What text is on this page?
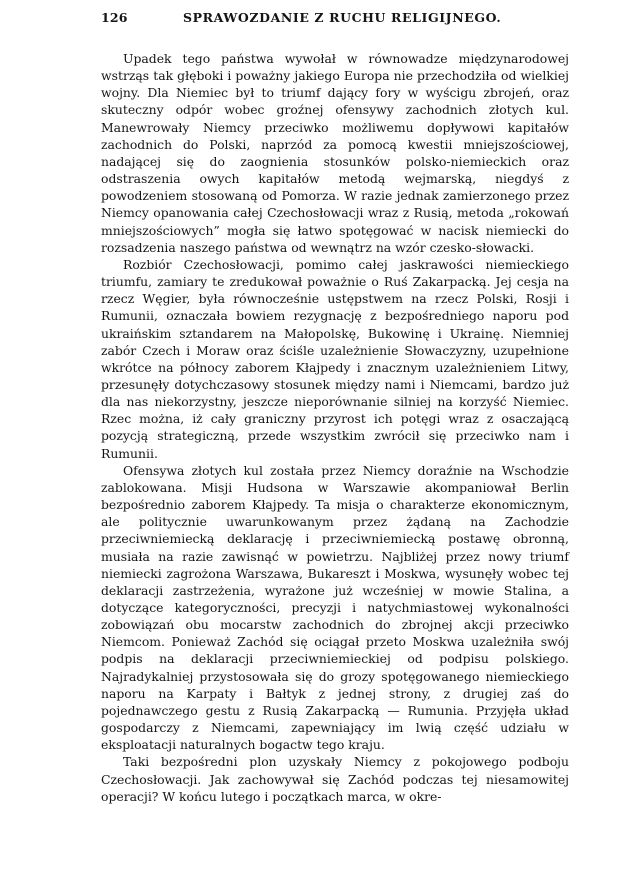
126	SPRAWOZDANIE Z RUCHU RELIGIJNEGO.

Upadek tego państwa wywołał w równowadze międzynarodowej wstrząs tak głęboki i poważny jakiego Europa nie przechodziła od wielkiej wojny. Dla Niemiec był to triumf dający fory w wyścigu zbrojeń, oraz skuteczny odpór wobec groźnej ofensywy zachodnich złotych kul. Manewrowały Niemcy przeciwko możliwemu dopływowi kapitałów zachodnich do Polski, naprzód za pomocą kwestii mniejszościowej, nadającej się do zaognienia stosunków polsko-niemieckich oraz odstraszenia owych kapitałów metodą wejmarską, niegdyś z powodzeniem stosowaną od Pomorza. W razie jednak zamierzonego przez Niemcy opanowania całej Czechosłowacji wraz z Rusią, metoda „rokowań mniejszościowych” mogła się łatwo spotęgować w nacisk niemiecki do rozsadzenia naszego państwa od wewnątrz na wzór czesko-słowacki.

Rozbiór Czechosłowacji, pomimo całej jaskrawości niemieckiego triumfu, zamiary te zredukował poważnie o Ruś Zakarpacką. Jej cesja na rzecz Węgier, była równocześnie ustępstwem na rzecz Polski, Rosji i Rumunii, oznaczała bowiem rezygnację z bezpośredniego naporu pod ukraińskim sztandarem na Małopolskę, Bukowinę i Ukrainę. Niemniej zabór Czech i Moraw oraz ściśle uzależnienie Słowaczyzny, uzupełnione wkrótce na północy zaborem Kłajpedy i znacznym uzależnieniem Litwy, przesunęły dotychczasowy stosunek między nami i Niemcami, bardzo już dla nas niekorzystny, jeszcze nieporównanie silniej na korzyść Niemiec. Rzec można, iż cały graniczny przyrost ich potęgi wraz z osaczającą pozycją strategiczną, przede wszystkim zwrócił się przeciwko nam i Rumunii.

Ofensywa złotych kul została przez Niemcy doraźnie na Wschodzie zablokowana. Misji Hudsona w Warszawie akompaniował Berlin bezpośrednio zaborem Kłajpedy. Ta misja o charakterze ekonomicznym, ale politycznie uwarunkowanym przez żądaną na Zachodzie przeciwniemiecką deklarację i przeciwniemiecką postawę obronną, musiała na razie zawisnąć w powietrzu. Najbliżej przez nowy triumf niemiecki zagrożona Warszawa, Bukareszt i Moskwa, wysunęły wobec tej deklaracji zastrzeżenia, wyrażone już wcześniej w mowie Stalina, a dotyczące kategoryczności, precyzji i natychmiastowej wykonalności zobowiązań obu mocarstw zachodnich do zbrojnej akcji przeciwko Niemcom. Ponieważ Zachód się ociągał przeto Moskwa uzależniła swój podpis na deklaracji przeciwniemieckiej od podpisu polskiego. Najradykalniej przystosowała się do grozy spotęgowanego niemieckiego naporu na Karpaty i Bałtyk z jednej strony, z drugiej zaś do pojednawczego gestu z Rusią Zakarpacką — Rumunia. Przyjęła układ gospodarczy z Niemcami, zapewniający im lwią część udziału w eksploatacji naturalnych bogactw tego kraju.

Taki bezpośredni plon uzyskały Niemcy z pokojowego podboju Czechosłowacji. Jak zachowywał się Zachód podczas tej niesamowitej operacji? W końcu lutego i początkach marca, w okre-
